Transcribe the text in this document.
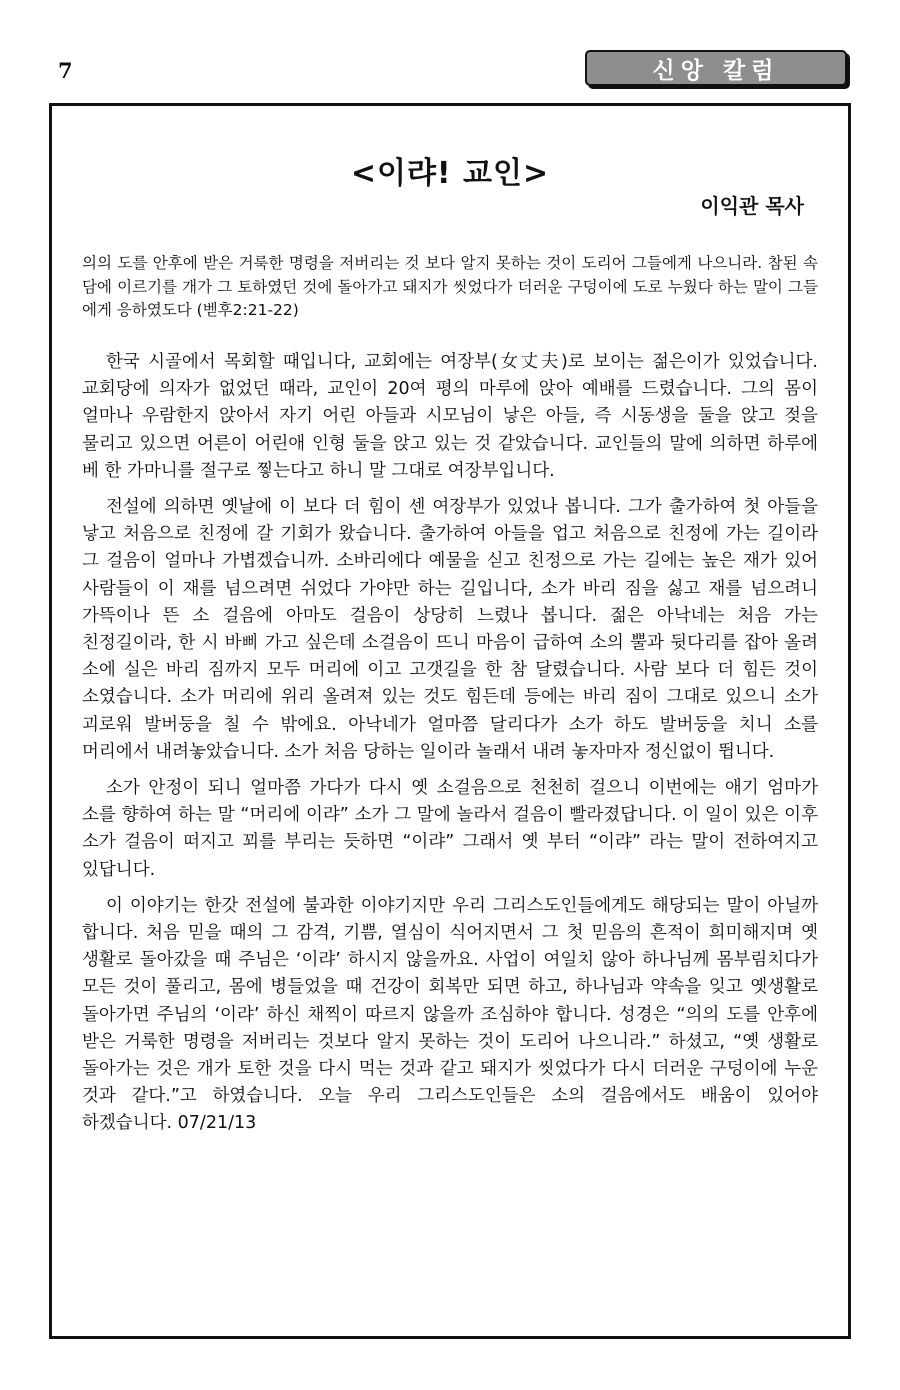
7	신앙 칼럼
<이랴! 교인>
이익관 목사

의의 도를 안후에 받은 거룩한 명령을 저버리는 것 보다 알지 못하는 것이 도리어 그들에게 나으니라. 참된 속담에 이르기를 개가 그 토하였던 것에 돌아가고 돼지가 씻었다가 더러운 구덩이에 도로 누웠다 하는 말이 그들에게 응하였도다 (벧후2:21-22)

한국 시골에서 목회할 때입니다, 교회에는 여장부(女丈夫)로 보이는 젊은이가 있었습니다. 교회당에 의자가 없었던 때라, 교인이 20여 평의 마루에 앉아 예배를 드렸습니다. 그의 몸이 얼마나 우람한지 앉아서 자기 어린 아들과 시모님이 낳은 아들, 즉 시동생을 둘을 앉고 젖을 물리고 있으면 어른이 어린애 인형 둘을 앉고 있는 것 같았습니다. 교인들의 말에 의하면 하루에 베 한 가마니를 절구로 찧는다고 하니 말 그대로 여장부입니다.

전설에 의하면 옛날에 이 보다 더 힘이 센 여장부가 있었나 봅니다. 그가 출가하여 첫 아들을 낳고 처음으로 친정에 갈 기회가 왔습니다. 출가하여 아들을 업고 처음으로 친정에 가는 길이라 그 걸음이 얼마나 가볍겠습니까. 소바리에다 예물을 싣고 친정으로 가는 길에는 높은 재가 있어 사람들이 이 재를 넘으려면 쉬었다 가야만 하는 길입니다, 소가 바리 짐을 싫고 재를 넘으려니 가뜩이나 뜬 소 걸음에 아마도 걸음이 상당히 느렸나 봅니다. 젊은 아낙네는 처음 가는 친정길이라, 한 시 바삐 가고 싶은데 소걸음이 뜨니 마음이 급하여 소의 뿔과 뒷다리를 잡아 올려 소에 실은 바리 짐까지 모두 머리에 이고 고갯길을 한 참 달렸습니다. 사람 보다 더 힘든 것이 소였습니다. 소가 머리에 위리 올려져 있는 것도 힘든데 등에는 바리 짐이 그대로 있으니 소가 괴로워 발버둥을 칠 수 밖에요. 아낙네가 얼마쯤 달리다가 소가 하도 발버둥을 치니 소를 머리에서 내려놓았습니다. 소가 처음 당하는 일이라 놀래서 내려 놓자마자 정신없이 뜁니다.

소가 안정이 되니 얼마쯤 가다가 다시 옛 소걸음으로 천천히 걸으니 이번에는 애기 엄마가 소를 향하여 하는 말 “머리에 이랴” 소가 그 말에 놀라서 걸음이 빨라졌답니다. 이 일이 있은 이후 소가 걸음이 떠지고 꾀를 부리는 듯하면 “이랴” 그래서 옛 부터 “이랴” 라는 말이 전하여지고 있답니다.

이 이야기는 한갓 전설에 불과한 이야기지만 우리 그리스도인들에게도 해당되는 말이 아닐까 합니다. 처음 믿을 때의 그 감격, 기쁨, 열심이 식어지면서 그 첫 믿음의 흔적이 희미해지며 옛 생활로 돌아갔을 때 주님은 ‘이랴’ 하시지 않을까요. 사업이 여일치 않아 하나님께 몸부림치다가 모든 것이 풀리고, 몸에 병들었을 때 건강이 회복만 되면 하고, 하나님과 약속을 잊고 옛생활로 돌아가면 주님의 ‘이랴’ 하신 채찍이 따르지 않을까 조심하야 합니다. 성경은 “의의 도를 안후에 받은 거룩한 명령을 저버리는 것보다 알지 못하는 것이 도리어 나으니라.” 하셨고, “옛 생활로 돌아가는 것은 개가 토한 것을 다시 먹는 것과 같고 돼지가 씻었다가 다시 더러운 구덩이에 누운 것과 같다.”고 하였습니다. 오늘 우리 그리스도인들은 소의 걸음에서도 배움이 있어야 하겠습니다. 07/21/13
